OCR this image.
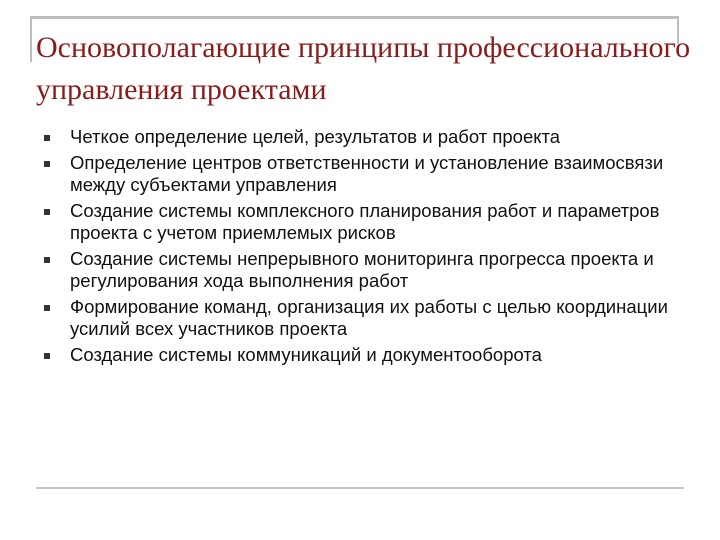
Основополагающие принципы профессионального управления проектами
Четкое определение целей, результатов и работ проекта
Определение центров ответственности и установление взаимосвязи между субъектами управления
Создание системы комплексного планирования работ и параметров проекта с учетом приемлемых рисков
Создание системы непрерывного мониторинга прогресса проекта и регулирования хода выполнения работ
Формирование команд, организация их работы с целью координации усилий всех участников проекта
Создание системы коммуникаций и документооборота
